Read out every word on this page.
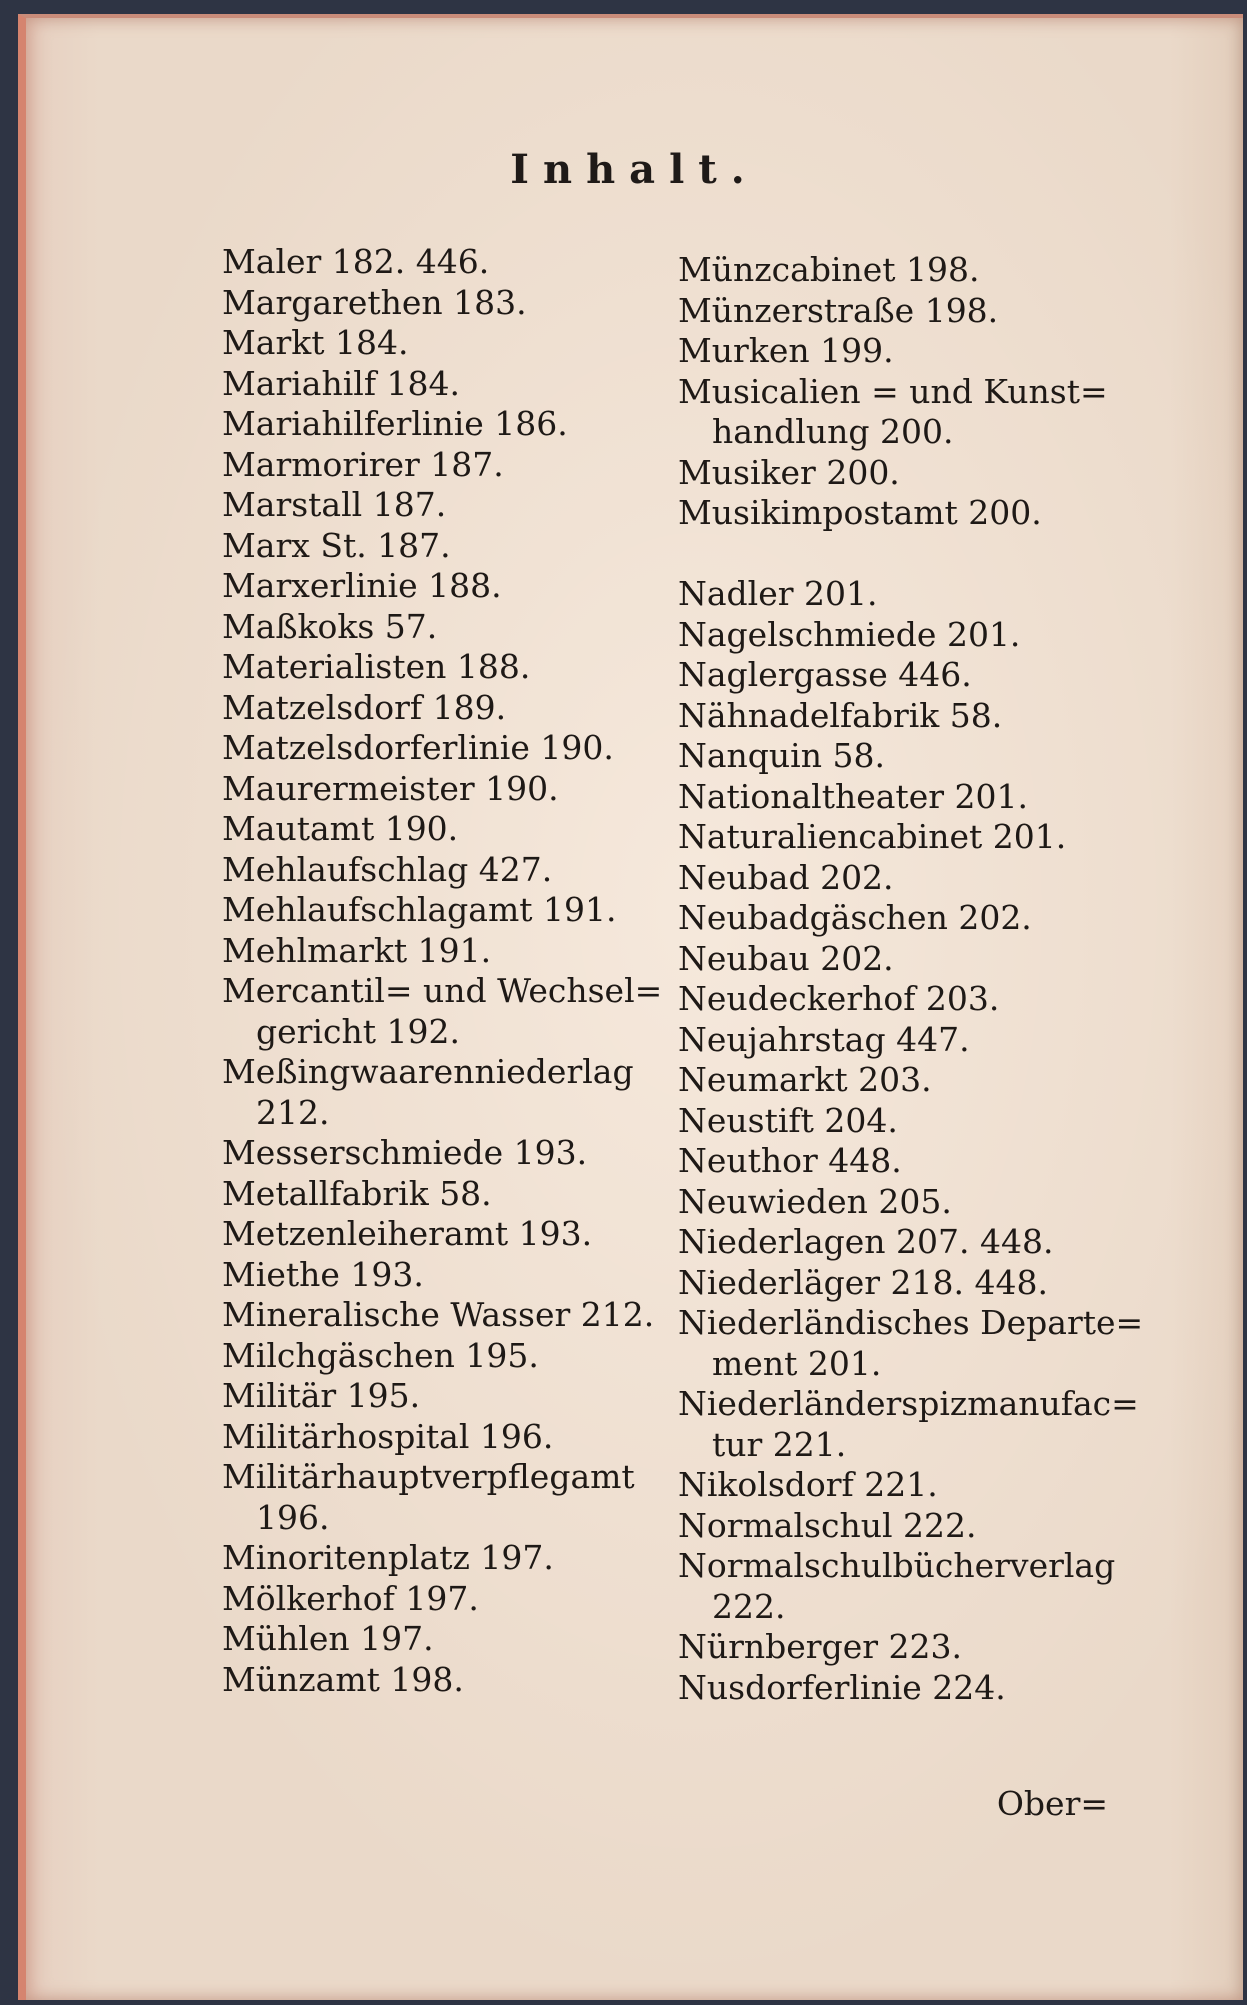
Inhalt.
Maler 182. 446.
Margarethen 183.
Markt 184.
Mariahilf 184.
Mariahilferlinie 186.
Marmorirer 187.
Marstall 187.
Marx St. 187.
Marxerlinie 188.
Maßkoks 57.
Materialisten 188.
Matzelsdorf 189.
Matzelsdorferlinie 190.
Maurermeister 190.
Mautamt 190.
Mehlaufschlag 427.
Mehlaufschlagamt 191.
Mehlmarkt 191.
Mercantil= und Wechsel=
gericht 192.
Meßingwaarenniederlag
212.
Messerschmiede 193.
Metallfabrik 58.
Metzenleiheramt 193.
Miethe 193.
Mineralische Wasser 212.
Milchgäschen 195.
Militär 195.
Militärhospital 196.
Militärhauptverpflegamt
196.
Minoritenplatz 197.
Mölkerhof 197.
Mühlen 197.
Münzamt 198.
Münzcabinet 198.
Münzerstraße 198.
Murken 199.
Musicalien = und Kunst=
handlung 200.
Musiker 200.
Musikimpostamt 200.
Nadler 201.
Nagelschmiede 201.
Naglergasse 446.
Nähnadelfabrik 58.
Nanquin 58.
Nationaltheater 201.
Naturaliencabinet 201.
Neubad 202.
Neubadgäschen 202.
Neubau 202.
Neudeckerhof 203.
Neujahrstag 447.
Neumarkt 203.
Neustift 204.
Neuthor 448.
Neuwieden 205.
Niederlagen 207. 448.
Niederläger 218. 448.
Niederländisches Departe=
ment 201.
Niederländerspizmanufac=
tur 221.
Nikolsdorf 221.
Normalschul 222.
Normalschulbücherverlag
222.
Nürnberger 223.
Nusdorferlinie 224.
Ober=
